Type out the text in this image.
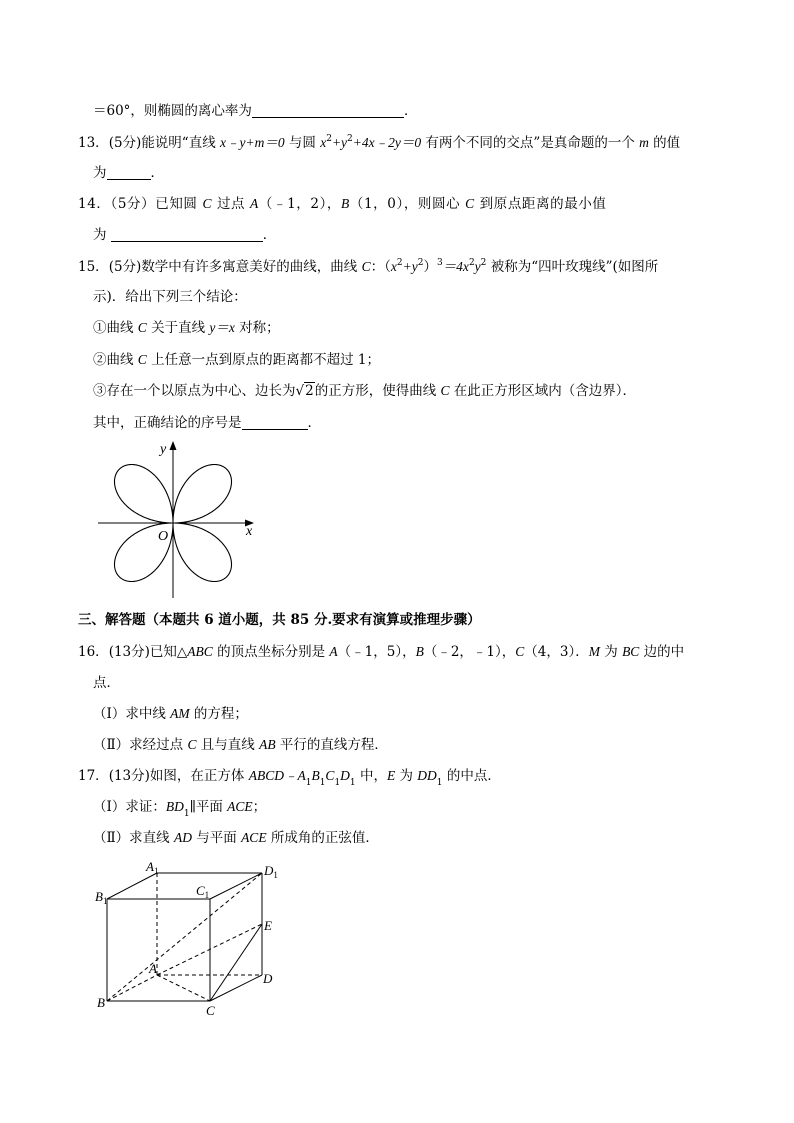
＝60°，则椭圆的离心率为	．
13．(5分)能说明“直线 x﹣y+m＝0 与圆 $x^2+y^2+4x﹣2y=0$ 有两个不同的交点”是真命题的一个 m 的值
为	．
14．（5分）已知圆 C 过点 A（﹣1，2），B（1，0），则圆心 C 到原点距离的最小值
为	．
15．(5分)数学中有许多寓意美好的曲线，曲线 C：$(x^2+y^2)^3=4x^2y^2$ 被称为“四叶玫瑰线”(如图所
示)．给出下列三个结论：
①曲线 C 关于直线 y＝x 对称；
②曲线 C 上任意一点到原点的距离都不超过 1；
③存在一个以原点为中心、边长为√2的正方形，使得曲线 C 在此正方形区域内（含边界）．
其中，正确结论的序号是	．
y
x
O
三、解答题（本题共 6 道小题，共 85 分.要求有演算或推理步骤）
16．(13分)已知△ABC 的顶点坐标分别是 A（﹣1，5），B（﹣2，﹣1），C（4，3）．M 为 BC 边的中
点．
（Ⅰ）求中线 AM 的方程；
（Ⅱ）求经过点 C 且与直线 AB 平行的直线方程．
17．(13分)如图，在正方体 $ABCD﹣A_1B_1C_1D_1$ 中，E 为 $DD_1$ 的中点．
（Ⅰ）求证：$BD_1\parallel$平面 ACE；
（Ⅱ）求直线 AD 与平面 ACE 所成角的正弦值．
$A_1$
$B_1$
$C_1$
$D_1$
E
A
D
B
C
